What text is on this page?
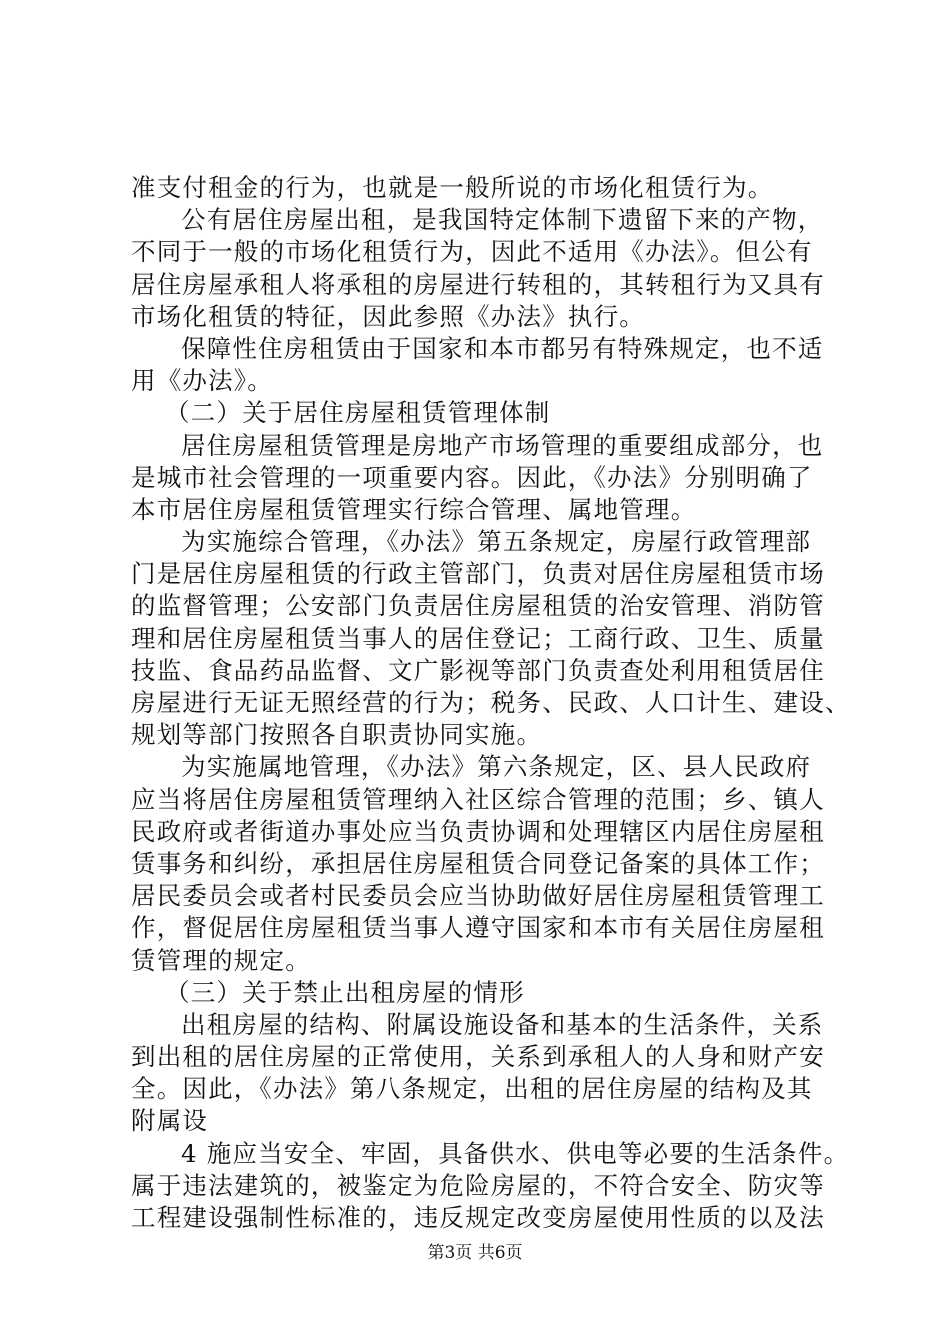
准支付租金的行为，也就是一般所说的市场化租赁行为。
公有居住房屋出租，是我国特定体制下遗留下来的产物，
不同于一般的市场化租赁行为，因此不适用《办法》。但公有
居住房屋承租人将承租的房屋进行转租的，其转租行为又具有
市场化租赁的特征，因此参照《办法》执行。
保障性住房租赁由于国家和本市都另有特殊规定，也不适
用《办法》。
（二）关于居住房屋租赁管理体制
居住房屋租赁管理是房地产市场管理的重要组成部分，也
是城市社会管理的一项重要内容。因此，《办法》分别明确了
本市居住房屋租赁管理实行综合管理、属地管理。
为实施综合管理，《办法》第五条规定，房屋行政管理部
门是居住房屋租赁的行政主管部门，负责对居住房屋租赁市场
的监督管理；公安部门负责居住房屋租赁的治安管理、消防管
理和居住房屋租赁当事人的居住登记；工商行政、卫生、质量
技监、食品药品监督、文广影视等部门负责查处利用租赁居住
房屋进行无证无照经营的行为；税务、民政、人口计生、建设、
规划等部门按照各自职责协同实施。
为实施属地管理，《办法》第六条规定，区、县人民政府
应当将居住房屋租赁管理纳入社区综合管理的范围；乡、镇人
民政府或者街道办事处应当负责协调和处理辖区内居住房屋租
赁事务和纠纷，承担居住房屋租赁合同登记备案的具体工作；
居民委员会或者村民委员会应当协助做好居住房屋租赁管理工
作，督促居住房屋租赁当事人遵守国家和本市有关居住房屋租
赁管理的规定。
（三）关于禁止出租房屋的情形
出租房屋的结构、附属设施设备和基本的生活条件，关系
到出租的居住房屋的正常使用，关系到承租人的人身和财产安
全。因此，《办法》第八条规定，出租的居住房屋的结构及其
附属设
4 施应当安全、牢固，具备供水、供电等必要的生活条件。
属于违法建筑的，被鉴定为危险房屋的，不符合安全、防灾等
工程建设强制性标准的，违反规定改变房屋使用性质的以及法
第3页 共6页
